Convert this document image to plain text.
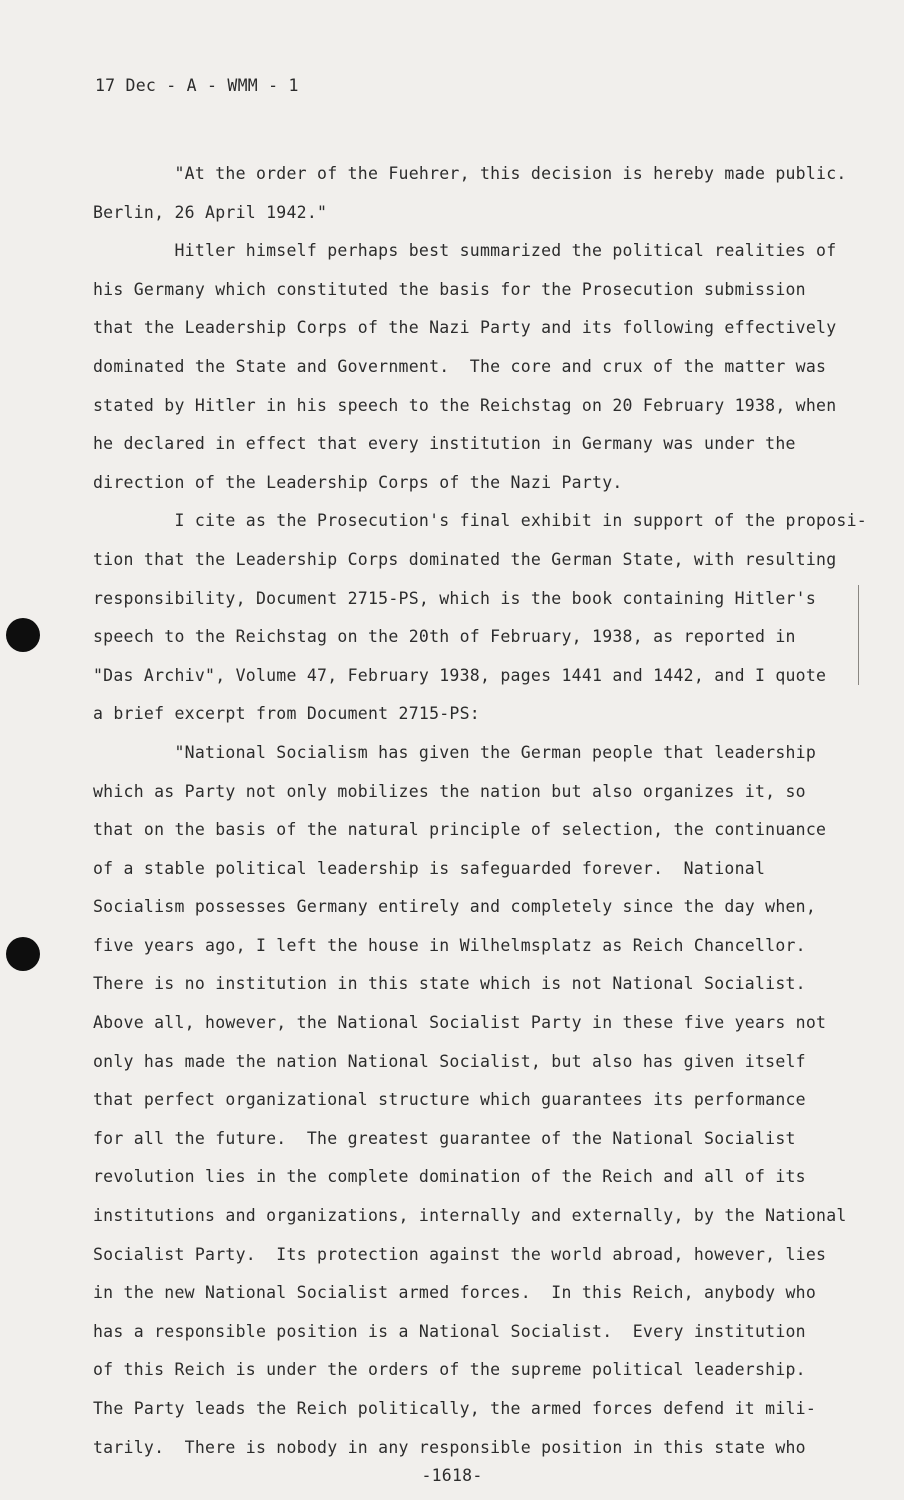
17 Dec - A - WMM - 1
"At the order of the Fuehrer, this decision is hereby made public.
Berlin, 26 April 1942."
Hitler himself perhaps best summarized the political realities of
his Germany which constituted the basis for the Prosecution submission
that the Leadership Corps of the Nazi Party and its following effectively
dominated the State and Government.  The core and crux of the matter was
stated by Hitler in his speech to the Reichstag on 20 February 1938, when
he declared in effect that every institution in Germany was under the
direction of the Leadership Corps of the Nazi Party.
I cite as the Prosecution's final exhibit in support of the proposi-
tion that the Leadership Corps dominated the German State, with resulting
responsibility, Document 2715-PS, which is the book containing Hitler's
speech to the Reichstag on the 20th of February, 1938, as reported in
"Das Archiv", Volume 47, February 1938, pages 1441 and 1442, and I quote
a brief excerpt from Document 2715-PS:
"National Socialism has given the German people that leadership
which as Party not only mobilizes the nation but also organizes it, so
that on the basis of the natural principle of selection, the continuance
of a stable political leadership is safeguarded forever.  National
Socialism possesses Germany entirely and completely since the day when,
five years ago, I left the house in Wilhelmsplatz as Reich Chancellor.
There is no institution in this state which is not National Socialist.
Above all, however, the National Socialist Party in these five years not
only has made the nation National Socialist, but also has given itself
that perfect organizational structure which guarantees its performance
for all the future.  The greatest guarantee of the National Socialist
revolution lies in the complete domination of the Reich and all of its
institutions and organizations, internally and externally, by the National
Socialist Party.  Its protection against the world abroad, however, lies
in the new National Socialist armed forces.  In this Reich, anybody who
has a responsible position is a National Socialist.  Every institution
of this Reich is under the orders of the supreme political leadership.
The Party leads the Reich politically, the armed forces defend it mili-
tarily.  There is nobody in any responsible position in this state who
-1618-
